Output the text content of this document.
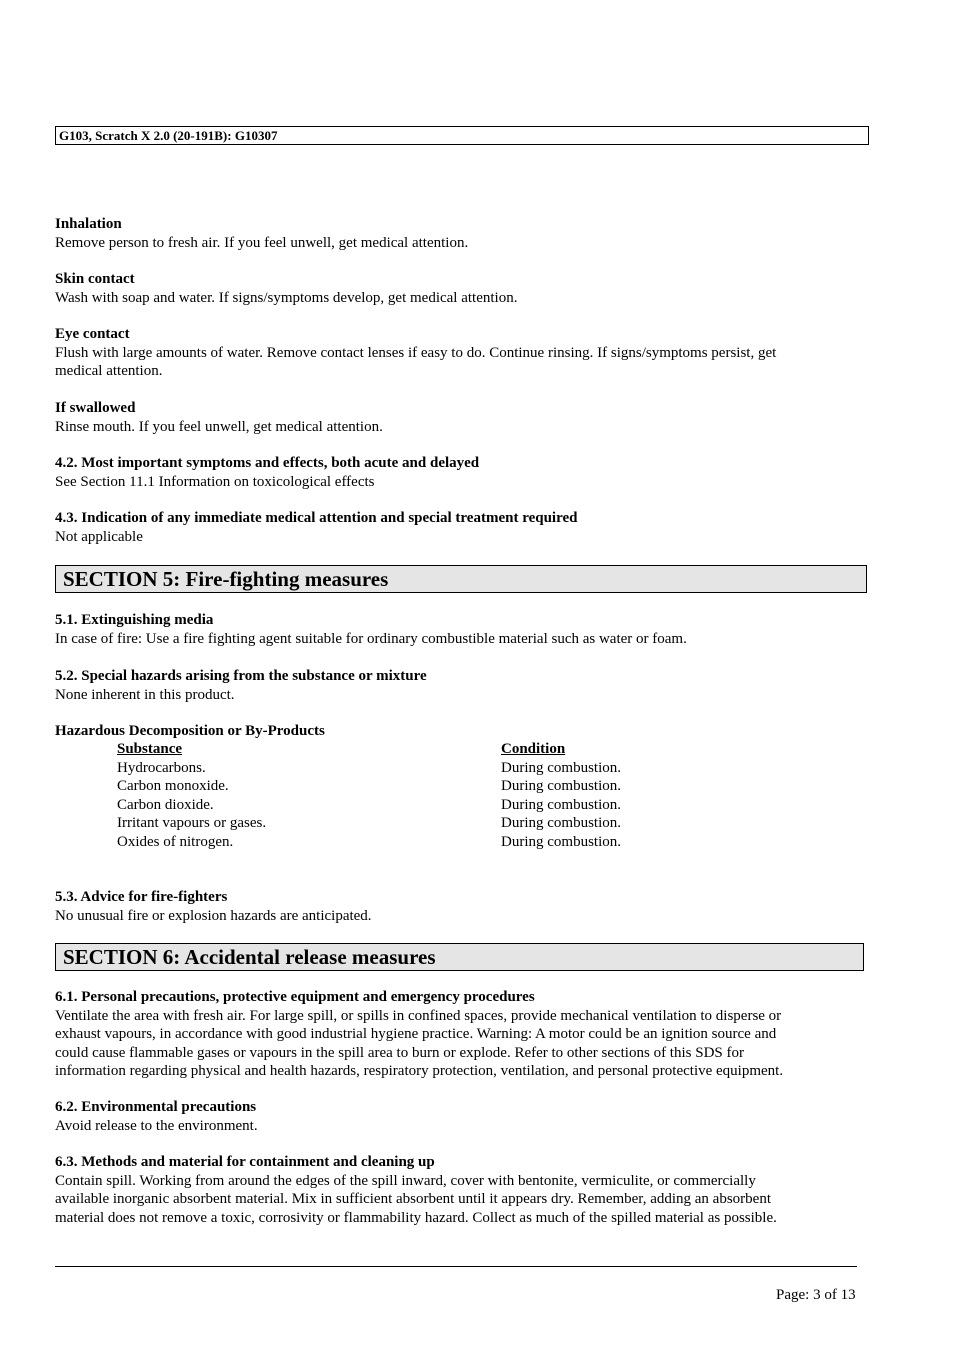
G103, Scratch X 2.0 (20-191B): G10307
Inhalation
Remove person to fresh air. If you feel unwell, get medical attention.
Skin contact
Wash with soap and water. If signs/symptoms develop, get medical attention.
Eye contact
Flush with large amounts of water. Remove contact lenses if easy to do. Continue rinsing. If signs/symptoms persist, get
medical attention.
If swallowed
Rinse mouth. If you feel unwell, get medical attention.
4.2. Most important symptoms and effects, both acute and delayed
See Section 11.1 Information on toxicological effects
4.3. Indication of any immediate medical attention and special treatment required
Not applicable
SECTION 5: Fire-fighting measures
5.1. Extinguishing media
In case of fire: Use a fire fighting agent suitable for ordinary combustible material such as water or foam.
5.2. Special hazards arising from the substance or mixture
None inherent in this product.
Hazardous Decomposition or By-Products
Substance
Hydrocarbons.
Carbon monoxide.
Carbon dioxide.
Irritant vapours or gases.
Oxides of nitrogen.
Condition
During combustion.
During combustion.
During combustion.
During combustion.
During combustion.
5.3. Advice for fire-fighters
No unusual fire or explosion hazards are anticipated.
SECTION 6: Accidental release measures
6.1. Personal precautions, protective equipment and emergency procedures
Ventilate the area with fresh air. For large spill, or spills in confined spaces, provide mechanical ventilation to disperse or
exhaust vapours, in accordance with good industrial hygiene practice. Warning: A motor could be an ignition source and
could cause flammable gases or vapours in the spill area to burn or explode. Refer to other sections of this SDS for
information regarding physical and health hazards, respiratory protection, ventilation, and personal protective equipment.
6.2. Environmental precautions
Avoid release to the environment.
6.3. Methods and material for containment and cleaning up
Contain spill. Working from around the edges of the spill inward, cover with bentonite, vermiculite, or commercially
available inorganic absorbent material. Mix in sufficient absorbent until it appears dry. Remember, adding an absorbent
material does not remove a toxic, corrosivity or flammability hazard. Collect as much of the spilled material as possible.
Page: 3 of 13
